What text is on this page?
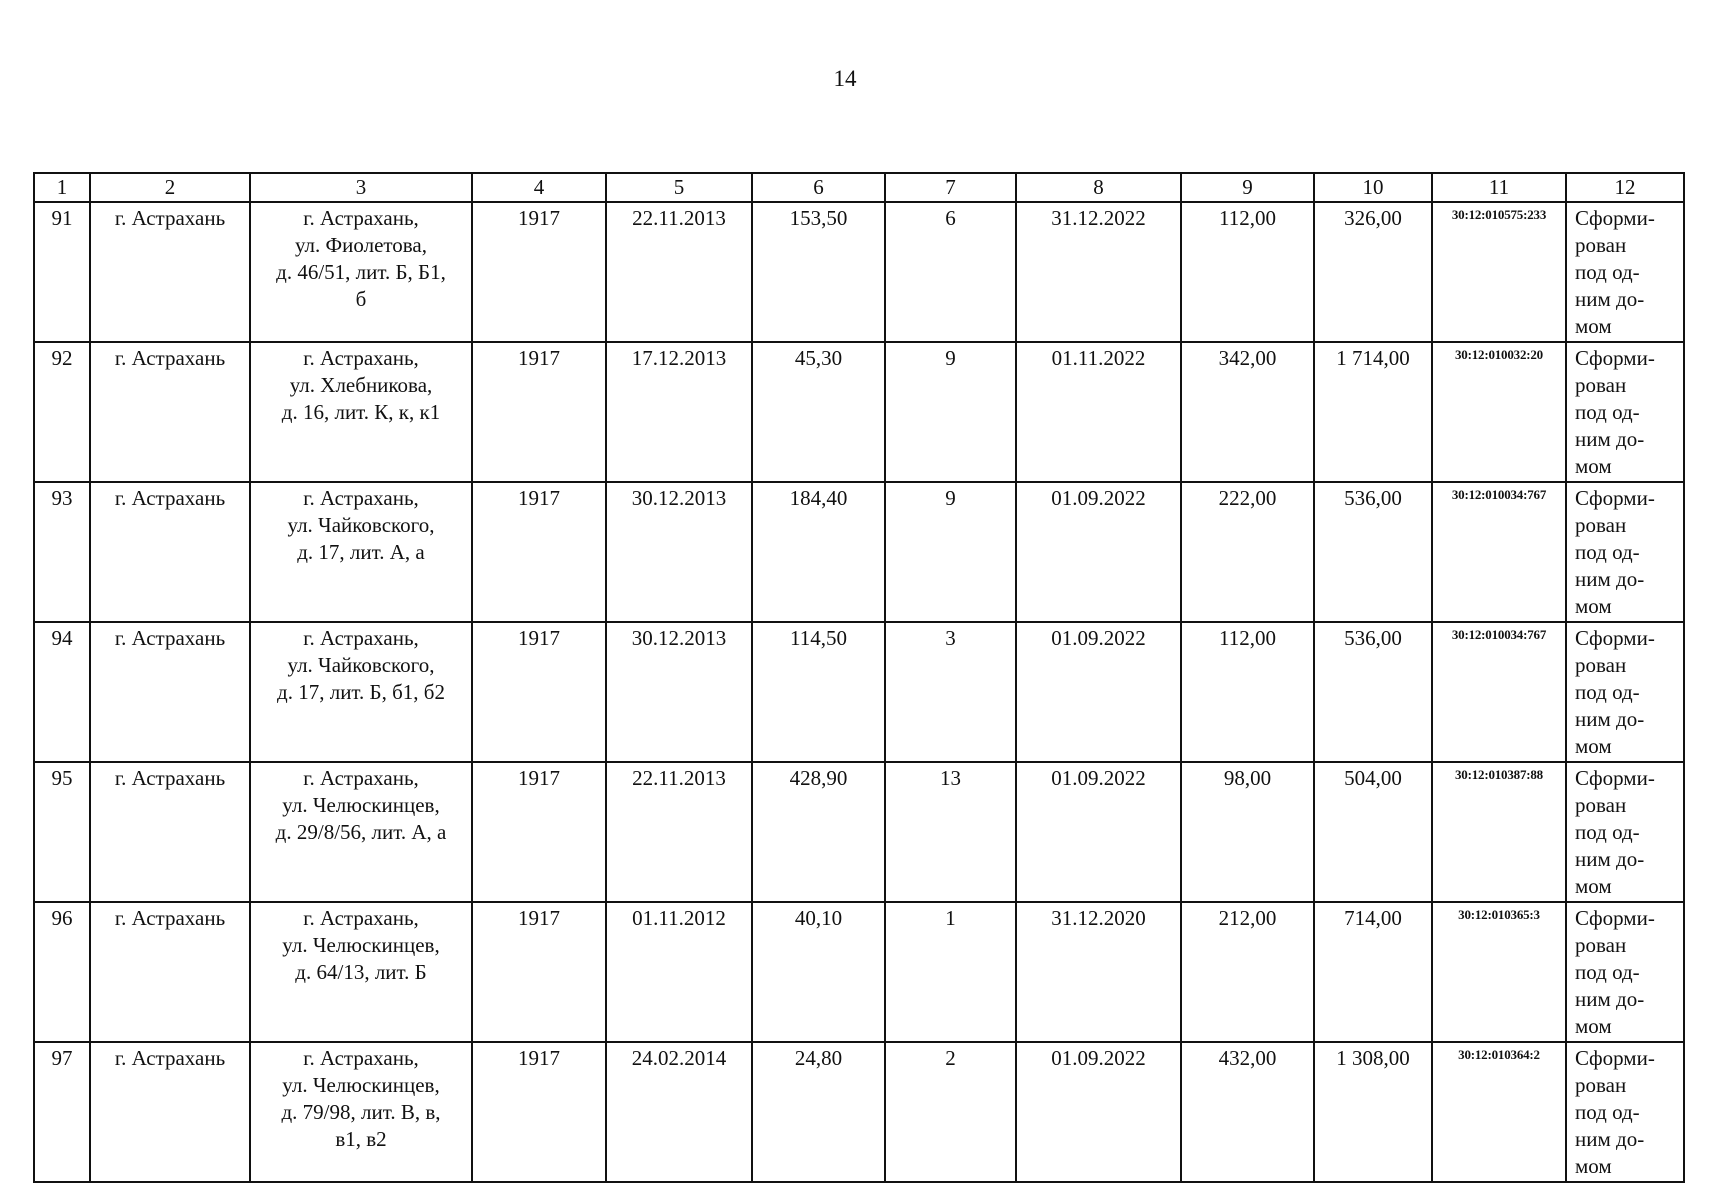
14
1	2	3	4	5	6	7	8	9	10	11	12
91	г. Астрахань	г. Астрахань,
ул. Фиолетова,
д. 46/51, лит. Б, Б1,
б	1917	22.11.2013	153,50	6	31.12.2022	112,00	326,00	30:12:010575:233	Сформи-
рован
под од-
ним до-
мом
92	г. Астрахань	г. Астрахань,
ул. Хлебникова,
д. 16, лит. К, к, к1	1917	17.12.2013	45,30	9	01.11.2022	342,00	1 714,00	30:12:010032:20	Сформи-
рован
под од-
ним до-
мом
93	г. Астрахань	г. Астрахань,
ул. Чайковского,
д. 17, лит. А, а	1917	30.12.2013	184,40	9	01.09.2022	222,00	536,00	30:12:010034:767	Сформи-
рован
под од-
ним до-
мом
94	г. Астрахань	г. Астрахань,
ул. Чайковского,
д. 17, лит. Б, б1, б2	1917	30.12.2013	114,50	3	01.09.2022	112,00	536,00	30:12:010034:767	Сформи-
рован
под од-
ним до-
мом
95	г. Астрахань	г. Астрахань,
ул. Челюскинцев,
д. 29/8/56, лит. А, а	1917	22.11.2013	428,90	13	01.09.2022	98,00	504,00	30:12:010387:88	Сформи-
рован
под од-
ним до-
мом
96	г. Астрахань	г. Астрахань,
ул. Челюскинцев,
д. 64/13, лит. Б	1917	01.11.2012	40,10	1	31.12.2020	212,00	714,00	30:12:010365:3	Сформи-
рован
под од-
ним до-
мом
97	г. Астрахань	г. Астрахань,
ул. Челюскинцев,
д. 79/98, лит. В, в,
в1, в2	1917	24.02.2014	24,80	2	01.09.2022	432,00	1 308,00	30:12:010364:2	Сформи-
рован
под од-
ним до-
мом
